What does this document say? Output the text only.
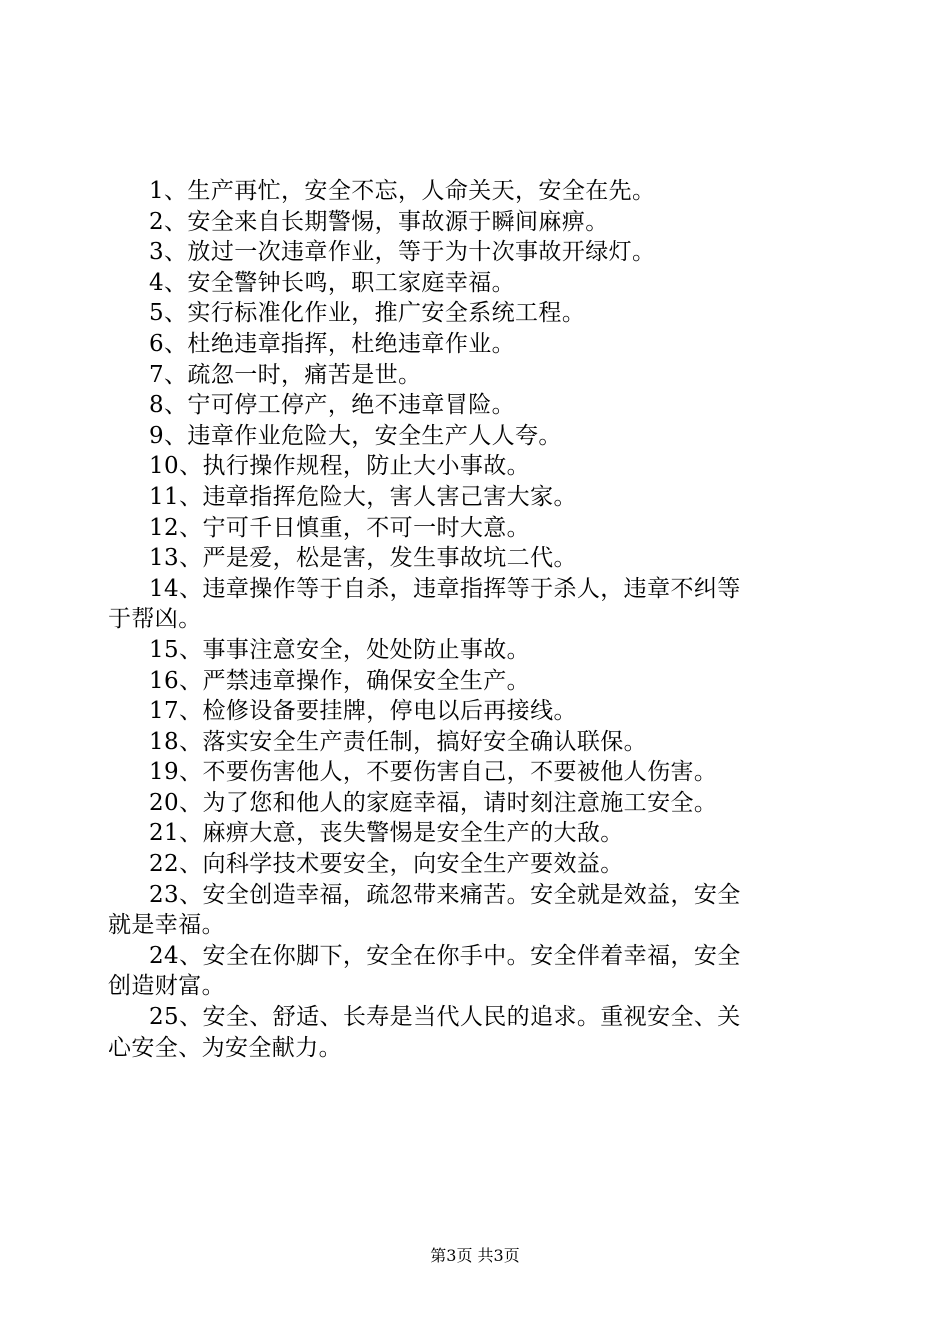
1、生产再忙，安全不忘，人命关天，安全在先。
2、安全来自长期警惕，事故源于瞬间麻痹。
3、放过一次违章作业，等于为十次事故开绿灯。
4、安全警钟长鸣，职工家庭幸福。
5、实行标准化作业，推广安全系统工程。
6、杜绝违章指挥，杜绝违章作业。
7、疏忽一时，痛苦是世。
8、宁可停工停产，绝不违章冒险。
9、违章作业危险大，安全生产人人夸。
10、执行操作规程，防止大小事故。
11、违章指挥危险大，害人害己害大家。
12、宁可千日慎重，不可一时大意。
13、严是爱，松是害，发生事故坑二代。
14、违章操作等于自杀，违章指挥等于杀人，违章不纠等
于帮凶。
15、事事注意安全，处处防止事故。
16、严禁违章操作，确保安全生产。
17、检修设备要挂牌，停电以后再接线。
18、落实安全生产责任制，搞好安全确认联保。
19、不要伤害他人，不要伤害自己，不要被他人伤害。
20、为了您和他人的家庭幸福，请时刻注意施工安全。
21、麻痹大意，丧失警惕是安全生产的大敌。
22、向科学技术要安全，向安全生产要效益。
23、安全创造幸福，疏忽带来痛苦。安全就是效益，安全
就是幸福。
24、安全在你脚下，安全在你手中。安全伴着幸福，安全
创造财富。
25、安全、舒适、长寿是当代人民的追求。重视安全、关
心安全、为安全献力。
第3页 共3页
